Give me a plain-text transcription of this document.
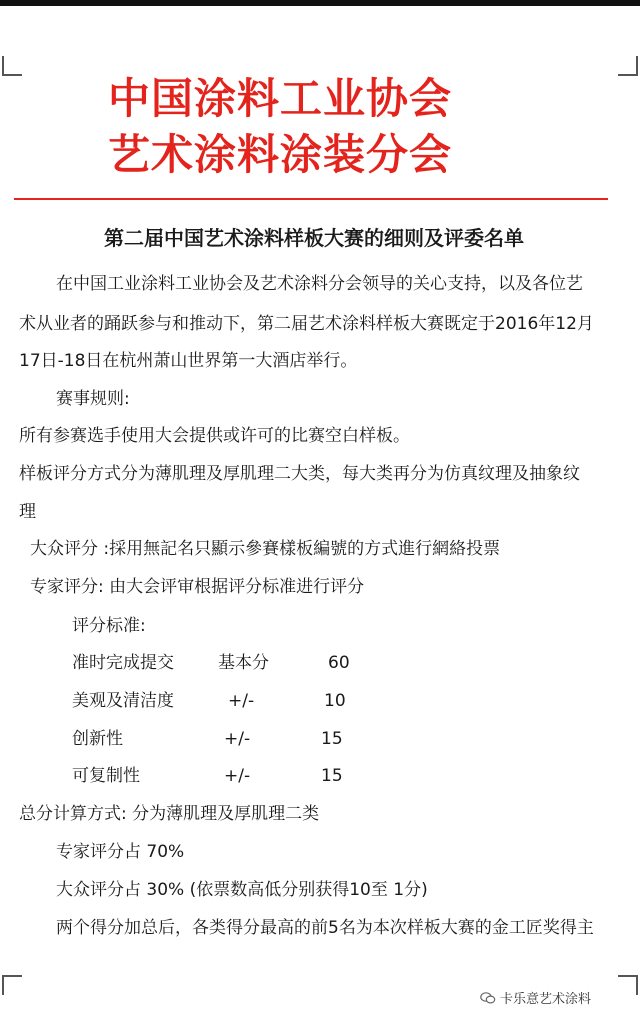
中国涂料工业协会
艺术涂料涂装分会
第二届中国艺术涂料样板大赛的细则及评委名单
在中国工业涂料工业协会及艺术涂料分会领导的关心支持，以及各位艺
术从业者的踊跃参与和推动下，第二届艺术涂料样板大赛既定于2016年12月
17日-18日在杭州萧山世界第一大酒店举行。
赛事规则:
所有参赛选手使用大会提供或许可的比赛空白样板。
样板评分方式分为薄肌理及厚肌理二大类，每大类再分为仿真纹理及抽象纹
理
大众评分 :採用無記名只顯示參賽樣板編號的方式進行網絡投票
专家评分: 由大会评审根据评分标准进行评分
评分标准:
准时完成提交	基本分	60
美观及清洁度	+/-	10
创新性	+/-	15
可复制性	+/-	15
总分计算方式: 分为薄肌理及厚肌理二类
专家评分占 70%
大众评分占 30% (依票数高低分别获得10至 1分)
两个得分加总后，各类得分最高的前5名为本次样板大赛的金工匠奖得主
卡乐意艺术涂料
